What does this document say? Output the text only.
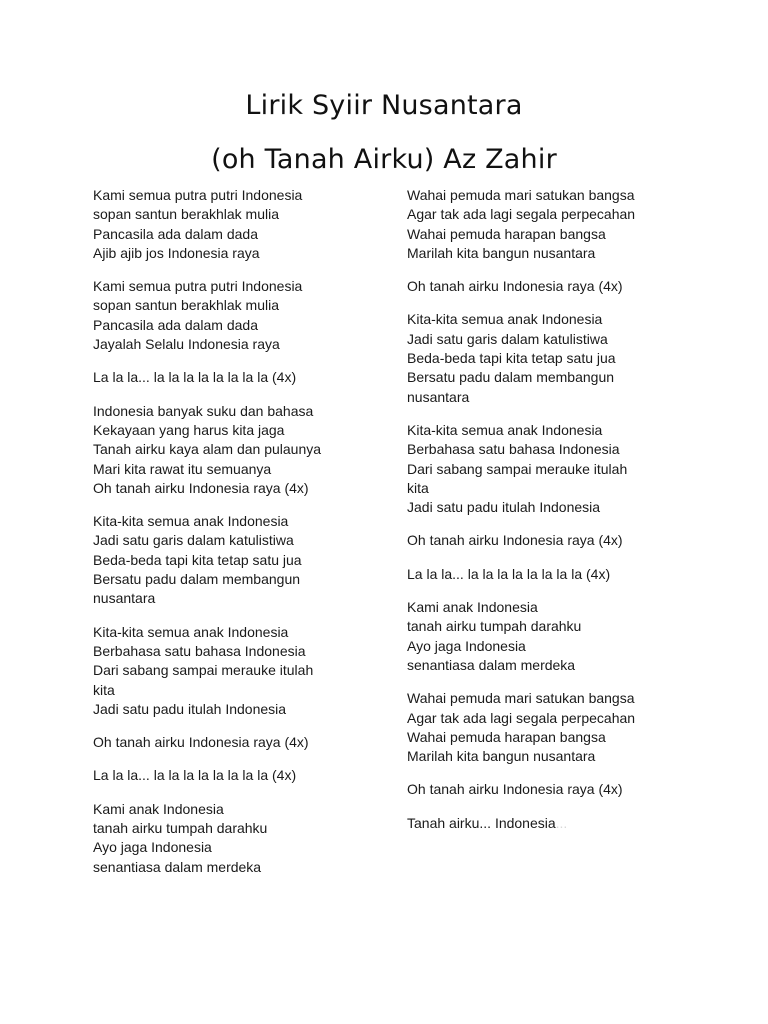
Lirik Syiir Nusantara
(oh Tanah Airku) Az Zahir
Kami semua putra putri Indonesia
sopan santun berakhlak mulia
Pancasila ada dalam dada
Ajib ajib jos Indonesia raya
Kami semua putra putri Indonesia
sopan santun berakhlak mulia
Pancasila ada dalam dada
Jayalah Selalu Indonesia raya
La la la... la la la la la la la la (4x)
Indonesia banyak suku dan bahasa
Kekayaan yang harus kita jaga
Tanah airku kaya alam dan pulaunya
Mari kita rawat itu semuanya
Oh tanah airku Indonesia raya (4x)
Kita-kita semua anak Indonesia
Jadi satu garis dalam katulistiwa
Beda-beda tapi kita tetap satu jua
Bersatu padu dalam membangun
nusantara
Kita-kita semua anak Indonesia
Berbahasa satu bahasa Indonesia
Dari sabang sampai merauke itulah
kita
Jadi satu padu itulah Indonesia
Oh tanah airku Indonesia raya (4x)
La la la... la la la la la la la la (4x)
Kami anak Indonesia
tanah airku tumpah darahku
Ayo jaga Indonesia
senantiasa dalam merdeka
Wahai pemuda mari satukan bangsa
Agar tak ada lagi segala perpecahan
Wahai pemuda harapan bangsa
Marilah kita bangun nusantara
Oh tanah airku Indonesia raya (4x)
Kita-kita semua anak Indonesia
Jadi satu garis dalam katulistiwa
Beda-beda tapi kita tetap satu jua
Bersatu padu dalam membangun
nusantara
Kita-kita semua anak Indonesia
Berbahasa satu bahasa Indonesia
Dari sabang sampai merauke itulah
kita
Jadi satu padu itulah Indonesia
Oh tanah airku Indonesia raya (4x)
La la la... la la la la la la la la (4x)
Kami anak Indonesia
tanah airku tumpah darahku
Ayo jaga Indonesia
senantiasa dalam merdeka
Wahai pemuda mari satukan bangsa
Agar tak ada lagi segala perpecahan
Wahai pemuda harapan bangsa
Marilah kita bangun nusantara
Oh tanah airku Indonesia raya (4x)
Tanah airku... Indonesia...
